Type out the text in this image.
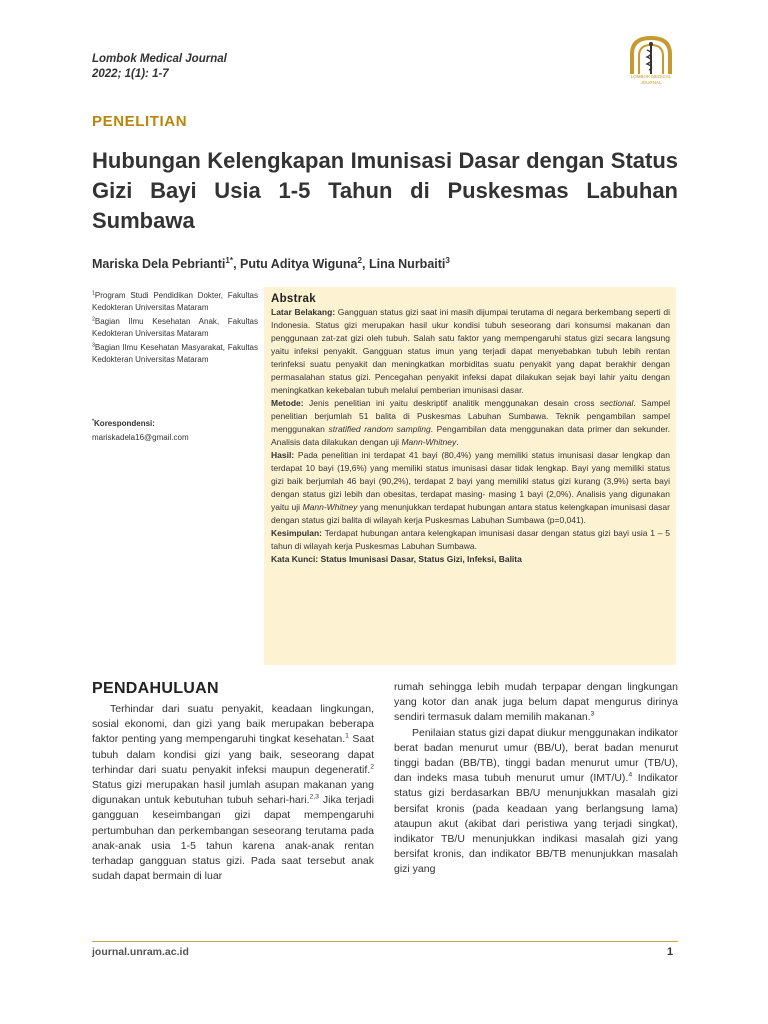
Lombok Medical Journal
2022; 1(1): 1-7	LOMBOK MEDICAL JOURNAL
PENELITIAN
Hubungan Kelengkapan Imunisasi Dasar dengan Status Gizi Bayi Usia 1-5 Tahun di Puskesmas Labuhan Sumbawa
Mariska Dela Pebrianti$^{1*}$, Putu Aditya Wiguna$^2$, Lina Nurbaiti$^3$

$^1$Program Studi Pendidikan Dokter, Fakultas Kedokteran Universitas Mataram

$^2$Bagian Ilmu Kesehatan Anak, Fakultas Kedokteran Universitas Mataram

$^3$Bagian Ilmu Kesehatan Masyarakat, Fakultas Kedokteran Universitas Mataram

*Korespondensi:
mariskadela16@gmail.com
Abstrak

Latar Belakang: Gangguan status gizi saat ini masih dijumpai terutama di negara berkembang seperti di Indonesia. Status gizi merupakan hasil ukur kondisi tubuh seseorang dari konsumsi makanan dan penggunaan zat-zat gizi oleh tubuh. Salah satu faktor yang mempengaruhi status gizi secara langsung yaitu infeksi penyakit. Gangguan status imun yang terjadi dapat menyebabkan tubuh lebih rentan terinfeksi suatu penyakit dan meningkatkan morbiditas suatu penyakit yang dapat berakhir dengan permasalahan status gizi. Pencegahan penyakit infeksi dapat dilakukan sejak bayi lahir yaitu dengan meningkatkan kekebalan tubuh melalui pemberian imunisasi dasar.

Metode: Jenis penelitian ini yaitu deskriptif analitik menggunakan desain cross sectional. Sampel penelitian berjumlah 51 balita di Puskesmas Labuhan Sumbawa. Teknik pengambilan sampel menggunakan stratified random sampling. Pengambilan data menggunakan data primer dan sekunder. Analisis data dilakukan dengan uji Mann-Whitney.

Hasil: Pada penelitian ini terdapat 41 bayi (80,4%) yang memiliki status imunisasi dasar lengkap dan terdapat 10 bayi (19,6%) yang memiliki status imunisasi dasar tidak lengkap. Bayi yang memiliki status gizi baik berjumlah 46 bayi (90,2%), terdapat 2 bayi yang memiliki status gizi kurang (3,9%) serta bayi dengan status gizi lebih dan obesitas, terdapat masing- masing 1 bayi (2,0%). Analisis yang digunakan yaitu uji Mann-Whitney yang menunjukkan terdapat hubungan antara status kelengkapan imunisasi dasar dengan status gizi balita di wilayah kerja Puskesmas Labuhan Sumbawa (p=0,041).

Kesimpulan: Terdapat hubungan antara kelengkapan imunisasi dasar dengan status gizi bayi usia 1 – 5 tahun di wilayah kerja Puskesmas Labuhan Sumbawa.

Kata Kunci: Status Imunisasi Dasar, Status Gizi, Infeksi, Balita

PENDAHULUAN

Terhindar dari suatu penyakit, keadaan lingkungan, sosial ekonomi, dan gizi yang baik merupakan beberapa faktor penting yang mempengaruhi tingkat kesehatan.$^1$ Saat tubuh dalam kondisi gizi yang baik, seseorang dapat terhindar dari suatu penyakit infeksi maupun degeneratif.$^2$ Status gizi merupakan hasil jumlah asupan makanan yang digunakan untuk kebutuhan tubuh sehari-hari.$^{2,3}$ Jika terjadi gangguan keseimbangan gizi dapat mempengaruhi pertumbuhan dan perkembangan seseorang terutama pada anak-anak usia 1-5 tahun karena anak-anak rentan terhadap gangguan status gizi. Pada saat tersebut anak sudah dapat bermain di luar

rumah sehingga lebih mudah terpapar dengan lingkungan yang kotor dan anak juga belum dapat mengurus dirinya sendiri termasuk dalam memilih makanan.$^3$

Penilaian status gizi dapat diukur menggunakan indikator berat badan menurut umur (BB/U), berat badan menurut tinggi badan (BB/TB), tinggi badan menurut umur (TB/U), dan indeks masa tubuh menurut umur (IMT/U).$^4$ Indikator status gizi berdasarkan BB/U menunjukkan masalah gizi bersifat kronis (pada keadaan yang berlangsung lama) ataupun akut (akibat dari peristiwa yang terjadi singkat), indikator TB/U menunjukkan indikasi masalah gizi yang bersifat kronis, dan indikator BB/TB menunjukkan masalah gizi yang

journal.unram.ac.id	1
